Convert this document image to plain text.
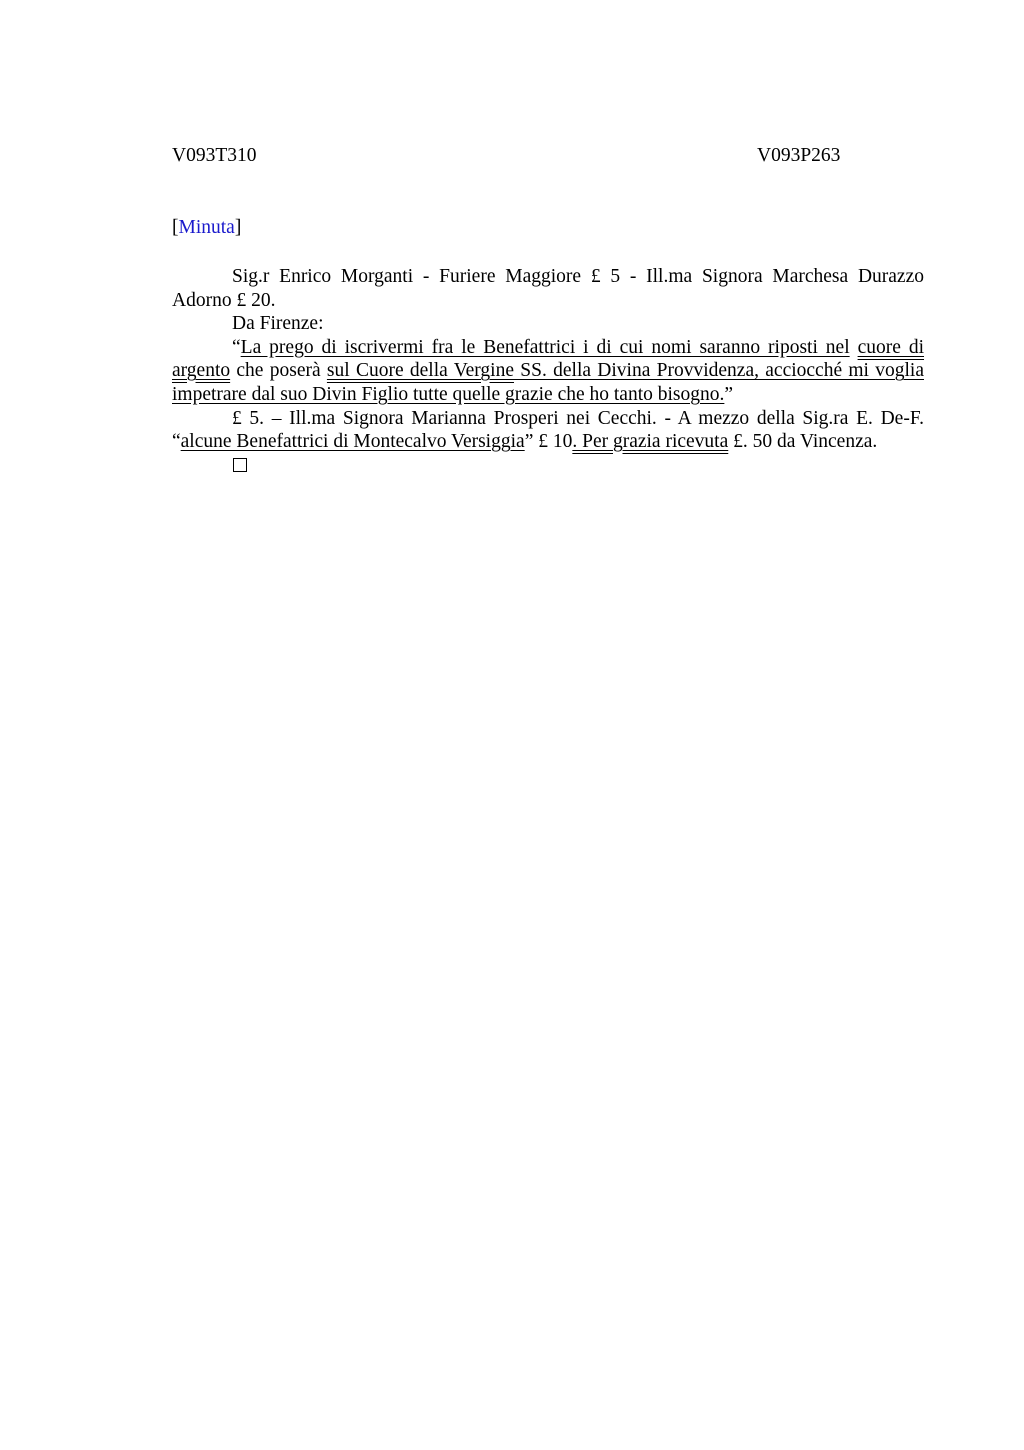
V093T310	V093P263
[Minuta]

Sig.r Enrico Morganti - Furiere Maggiore £ 5 - Ill.ma Signora Marchesa Durazzo Adorno £ 20.

Da Firenze:

“La prego di iscrivermi fra le Benefattrici i di cui nomi saranno riposti nel cuore di argento che poserà sul Cuore della Vergine SS. della Divina Provvidenza, acciocché mi voglia impetrare dal suo Divin Figlio tutte quelle grazie che ho tanto bisogno.”

£ 5. – Ill.ma Signora Marianna Prosperi nei Cecchi. - A mezzo della Sig.ra E. De-F. “alcune Benefattrici di Montecalvo Versiggia” £ 10. Per grazia ricevuta £. 50 da Vincenza.
